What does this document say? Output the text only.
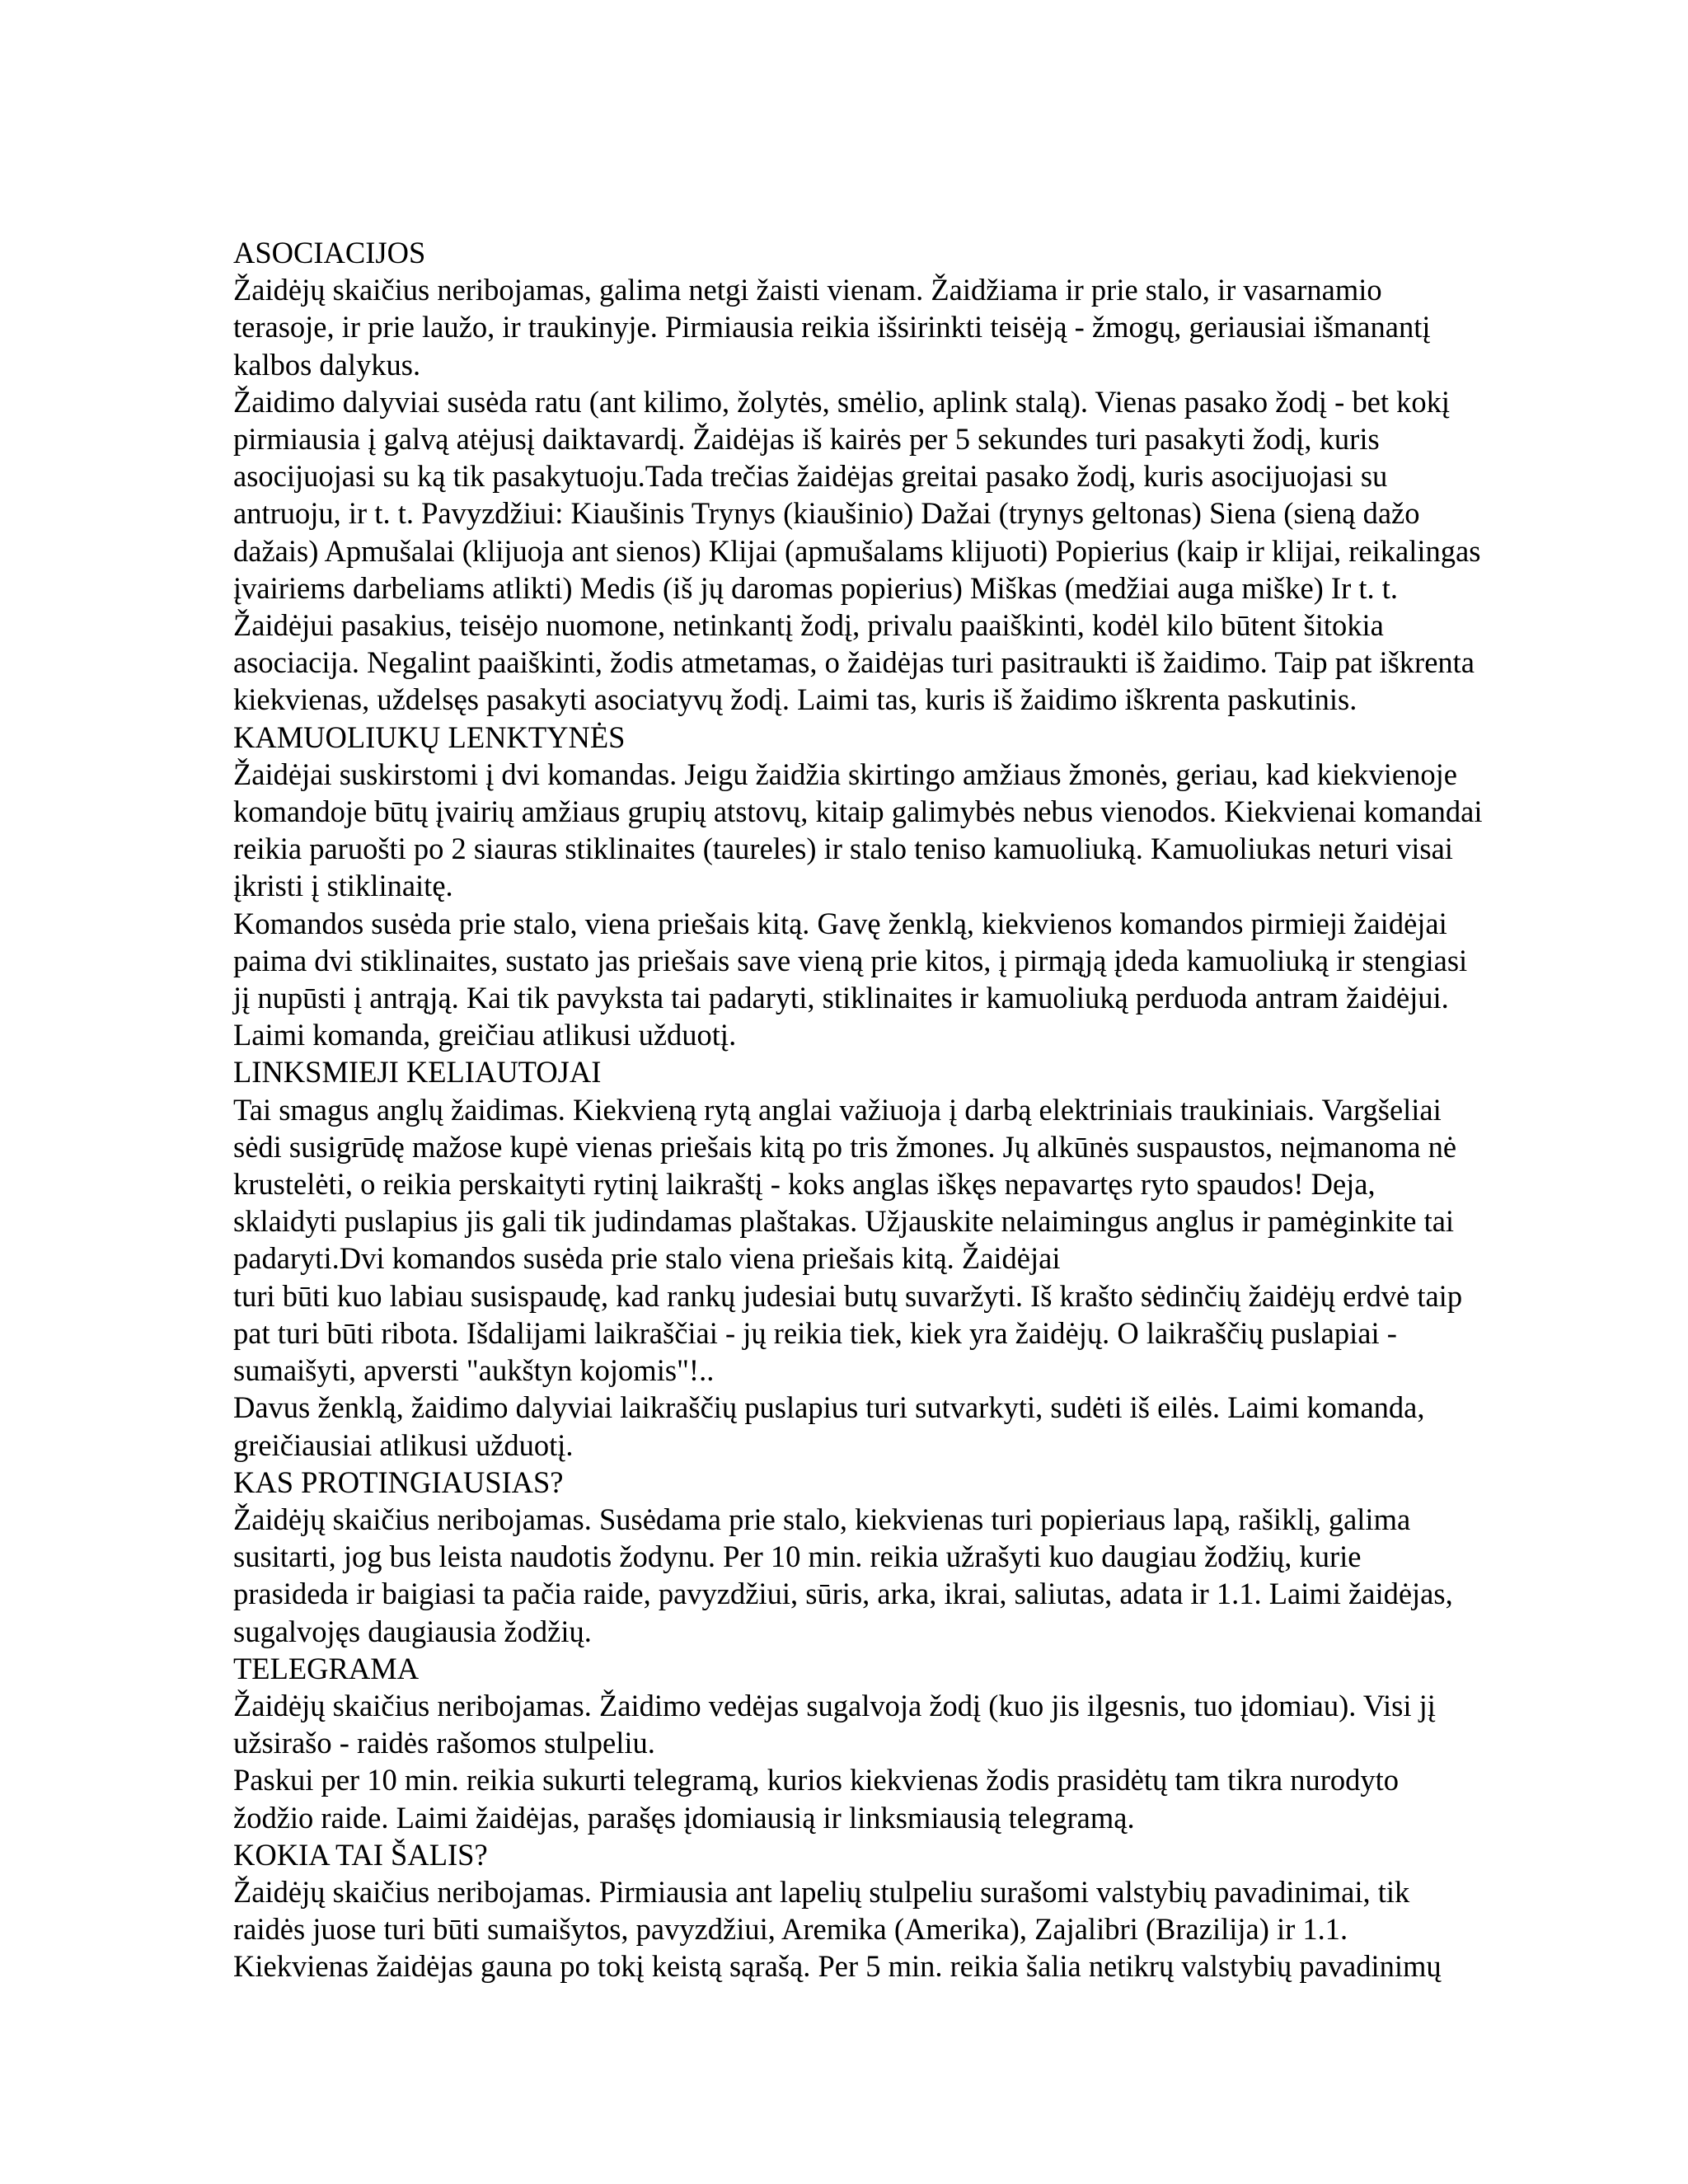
ASOCIACIJOS
Žaidėjų skaičius neribojamas, galima netgi žaisti vienam. Žaidžiama ir prie stalo, ir vasarnamio
terasoje, ir prie laužo, ir traukinyje. Pirmiausia reikia išsirinkti teisėją - žmogų, geriausiai išmanantį
kalbos dalykus.
Žaidimo dalyviai susėda ratu (ant kilimo, žolytės, smėlio, aplink stalą). Vienas pasako žodį - bet kokį
pirmiausia į galvą atėjusį daiktavardį. Žaidėjas iš kairės per 5 sekundes turi pasakyti žodį, kuris
asocijuojasi su ką tik pasakytuoju.Tada trečias žaidėjas greitai pasako žodį, kuris asocijuojasi su
antruoju, ir t. t. Pavyzdžiui: Kiaušinis Trynys (kiaušinio) Dažai (trynys geltonas) Siena (sieną dažo
dažais) Apmušalai (klijuoja ant sienos) Klijai (apmušalams klijuoti) Popierius (kaip ir klijai, reikalingas
įvairiems darbeliams atlikti) Medis (iš jų daromas popierius) Miškas (medžiai auga miške) Ir t. t.
Žaidėjui pasakius, teisėjo nuomone, netinkantį žodį, privalu paaiškinti, kodėl kilo būtent šitokia
asociacija. Negalint paaiškinti, žodis atmetamas, o žaidėjas turi pasitraukti iš žaidimo. Taip pat iškrenta
kiekvienas, uždelsęs pasakyti asociatyvų žodį. Laimi tas, kuris iš žaidimo iškrenta paskutinis.
KAMUOLIUKŲ LENKTYNĖS
Žaidėjai suskirstomi į dvi komandas. Jeigu žaidžia skirtingo amžiaus žmonės, geriau, kad kiekvienoje
komandoje būtų įvairių amžiaus grupių atstovų, kitaip galimybės nebus vienodos. Kiekvienai komandai
reikia paruošti po 2 siauras stiklinaites (taureles) ir stalo teniso kamuoliuką. Kamuoliukas neturi visai
įkristi į stiklinaitę.
Komandos susėda prie stalo, viena priešais kitą. Gavę ženklą, kiekvienos komandos pirmieji žaidėjai
paima dvi stiklinaites, sustato jas priešais save vieną prie kitos, į pirmąją įdeda kamuoliuką ir stengiasi
jį nupūsti į antrąją. Kai tik pavyksta tai padaryti, stiklinaites ir kamuoliuką perduoda antram žaidėjui.
Laimi komanda, greičiau atlikusi užduotį.
LINKSMIEJI KELIAUTOJAI
Tai smagus anglų žaidimas. Kiekvieną rytą anglai važiuoja į darbą elektriniais traukiniais. Vargšeliai
sėdi susigrūdę mažose kupė vienas priešais kitą po tris žmones. Jų alkūnės suspaustos, neįmanoma nė
krustelėti, o reikia perskaityti rytinį laikraštį - koks anglas iškęs nepavartęs ryto spaudos! Deja,
sklaidyti puslapius jis gali tik judindamas plaštakas. Užjauskite nelaimingus anglus ir pamėginkite tai
padaryti.Dvi komandos susėda prie stalo viena priešais kitą. Žaidėjai
turi būti kuo labiau susispaudę, kad rankų judesiai butų suvaržyti. Iš krašto sėdinčių žaidėjų erdvė taip
pat turi būti ribota. Išdalijami laikraščiai - jų reikia tiek, kiek yra žaidėjų. O laikraščių puslapiai -
sumaišyti, apversti "aukštyn kojomis"!..
Davus ženklą, žaidimo dalyviai laikraščių puslapius turi sutvarkyti, sudėti iš eilės. Laimi komanda,
greičiausiai atlikusi užduotį.
KAS PROTINGIAUSIAS?
Žaidėjų skaičius neribojamas. Susėdama prie stalo, kiekvienas turi popieriaus lapą, rašiklį, galima
susitarti, jog bus leista naudotis žodynu. Per 10 min. reikia užrašyti kuo daugiau žodžių, kurie
prasideda ir baigiasi ta pačia raide, pavyzdžiui, sūris, arka, ikrai, saliutas, adata ir 1.1. Laimi žaidėjas,
sugalvojęs daugiausia žodžių.
TELEGRAMA
Žaidėjų skaičius neribojamas. Žaidimo vedėjas sugalvoja žodį (kuo jis ilgesnis, tuo įdomiau). Visi jį
užsirašo - raidės rašomos stulpeliu.
Paskui per 10 min. reikia sukurti telegramą, kurios kiekvienas žodis prasidėtų tam tikra nurodyto
žodžio raide. Laimi žaidėjas, parašęs įdomiausią ir linksmiausią telegramą.
KOKIA TAI ŠALIS?
Žaidėjų skaičius neribojamas. Pirmiausia ant lapelių stulpeliu surašomi valstybių pavadinimai, tik
raidės juose turi būti sumaišytos, pavyzdžiui, Aremika (Amerika), Zajalibri (Brazilija) ir 1.1.
Kiekvienas žaidėjas gauna po tokį keistą sąrašą. Per 5 min. reikia šalia netikrų valstybių pavadinimų
